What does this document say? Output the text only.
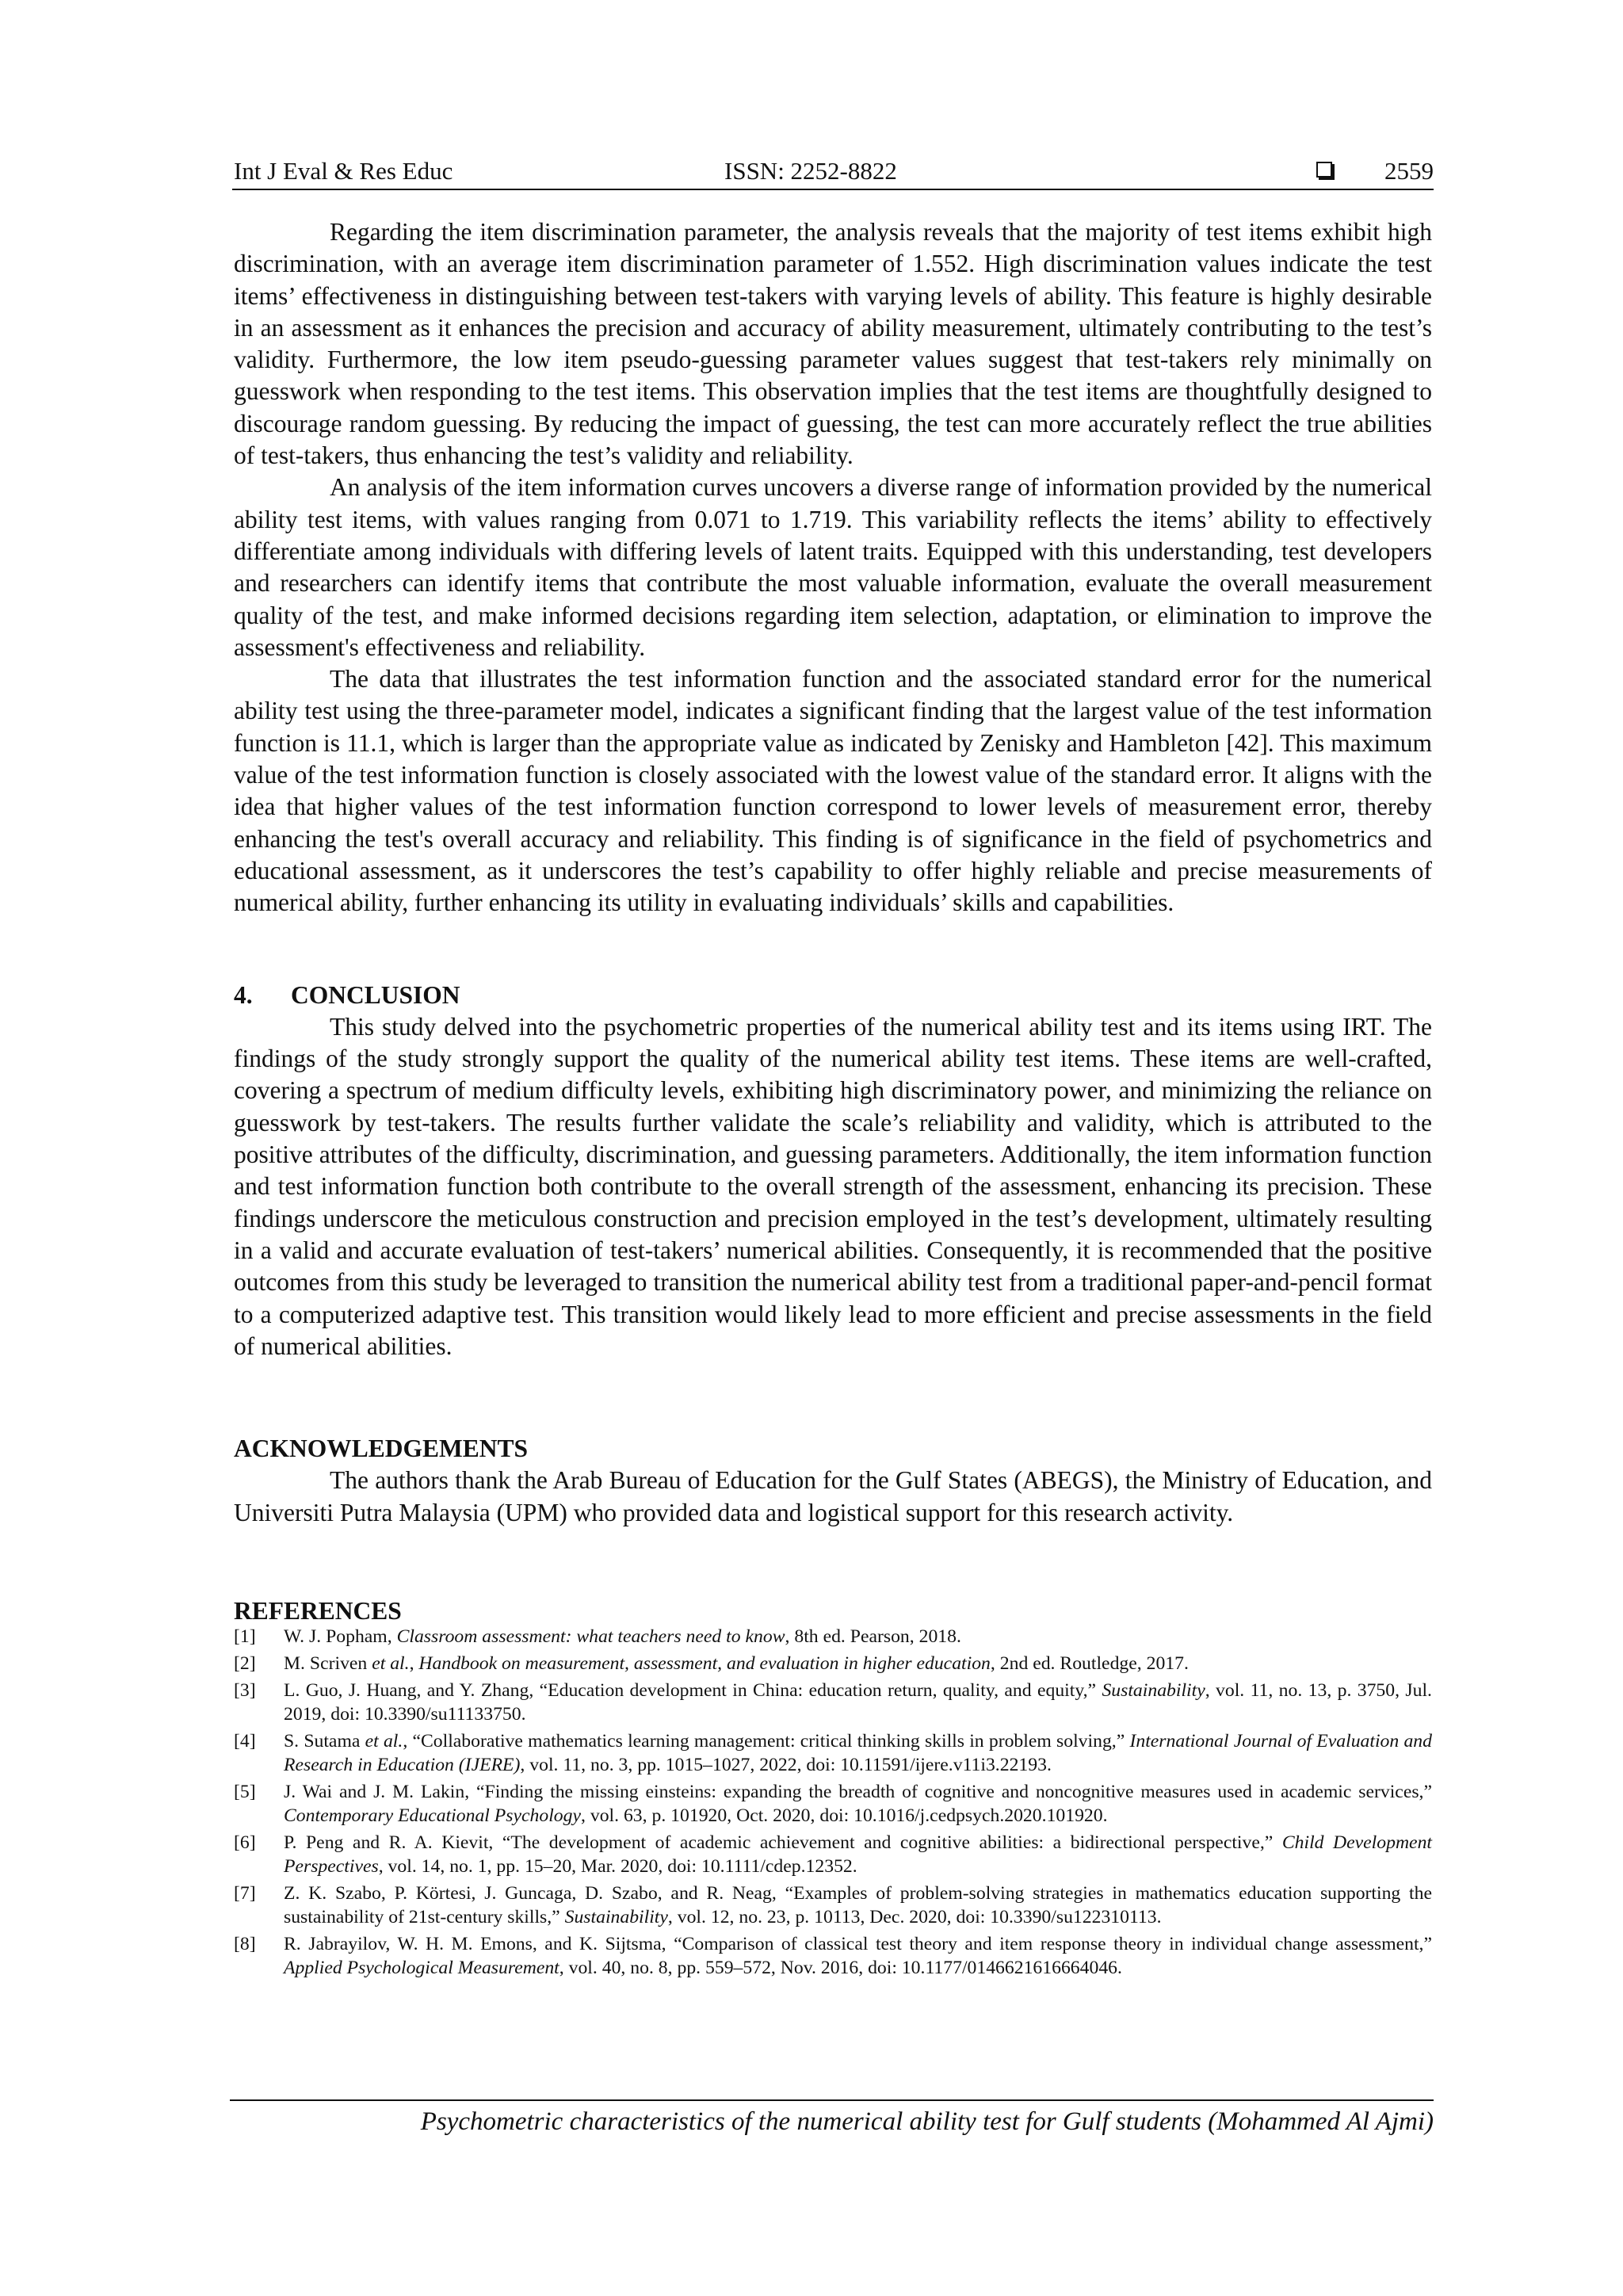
Int J Eval & Res Educ	ISSN: 2252-8822	2559

Regarding the item discrimination parameter, the analysis reveals that the majority of test items exhibit high discrimination, with an average item discrimination parameter of 1.552. High discrimination values indicate the test items’ effectiveness in distinguishing between test-takers with varying levels of ability. This feature is highly desirable in an assessment as it enhances the precision and accuracy of ability measurement, ultimately contributing to the test’s validity. Furthermore, the low item pseudo-guessing parameter values suggest that test-takers rely minimally on guesswork when responding to the test items. This observation implies that the test items are thoughtfully designed to discourage random guessing. By reducing the impact of guessing, the test can more accurately reflect the true abilities of test-takers, thus enhancing the test’s validity and reliability.

An analysis of the item information curves uncovers a diverse range of information provided by the numerical ability test items, with values ranging from 0.071 to 1.719. This variability reflects the items’ ability to effectively differentiate among individuals with differing levels of latent traits. Equipped with this understanding, test developers and researchers can identify items that contribute the most valuable information, evaluate the overall measurement quality of the test, and make informed decisions regarding item selection, adaptation, or elimination to improve the assessment's effectiveness and reliability.

The data that illustrates the test information function and the associated standard error for the numerical ability test using the three-parameter model, indicates a significant finding that the largest value of the test information function is 11.1, which is larger than the appropriate value as indicated by Zenisky and Hambleton [42]. This maximum value of the test information function is closely associated with the lowest value of the standard error. It aligns with the idea that higher values of the test information function correspond to lower levels of measurement error, thereby enhancing the test's overall accuracy and reliability. This finding is of significance in the field of psychometrics and educational assessment, as it underscores the test’s capability to offer highly reliable and precise measurements of numerical ability, further enhancing its utility in evaluating individuals’ skills and capabilities.

4. CONCLUSION

This study delved into the psychometric properties of the numerical ability test and its items using IRT. The findings of the study strongly support the quality of the numerical ability test items. These items are well-crafted, covering a spectrum of medium difficulty levels, exhibiting high discriminatory power, and minimizing the reliance on guesswork by test-takers. The results further validate the scale’s reliability and validity, which is attributed to the positive attributes of the difficulty, discrimination, and guessing parameters. Additionally, the item information function and test information function both contribute to the overall strength of the assessment, enhancing its precision. These findings underscore the meticulous construction and precision employed in the test’s development, ultimately resulting in a valid and accurate evaluation of test-takers’ numerical abilities. Consequently, it is recommended that the positive outcomes from this study be leveraged to transition the numerical ability test from a traditional paper-and-pencil format to a computerized adaptive test. This transition would likely lead to more efficient and precise assessments in the field of numerical abilities.

ACKNOWLEDGEMENTS

The authors thank the Arab Bureau of Education for the Gulf States (ABEGS), the Ministry of Education, and Universiti Putra Malaysia (UPM) who provided data and logistical support for this research activity.

REFERENCES
[1]	W. J. Popham, Classroom assessment: what teachers need to know, 8th ed. Pearson, 2018.
[2]	M. Scriven et al., Handbook on measurement, assessment, and evaluation in higher education, 2nd ed. Routledge, 2017.
[3]	L. Guo, J. Huang, and Y. Zhang, “Education development in China: education return, quality, and equity,” Sustainability, vol. 11, no. 13, p. 3750, Jul. 2019, doi: 10.3390/su11133750.
[4]	S. Sutama et al., “Collaborative mathematics learning management: critical thinking skills in problem solving,” International Journal of Evaluation and Research in Education (IJERE), vol. 11, no. 3, pp. 1015–1027, 2022, doi: 10.11591/ijere.v11i3.22193.
[5]	J. Wai and J. M. Lakin, “Finding the missing einsteins: expanding the breadth of cognitive and noncognitive measures used in academic services,” Contemporary Educational Psychology, vol. 63, p. 101920, Oct. 2020, doi: 10.1016/j.cedpsych.2020.101920.
[6]	P. Peng and R. A. Kievit, “The development of academic achievement and cognitive abilities: a bidirectional perspective,” Child Development Perspectives, vol. 14, no. 1, pp. 15–20, Mar. 2020, doi: 10.1111/cdep.12352.
[7]	Z. K. Szabo, P. Körtesi, J. Guncaga, D. Szabo, and R. Neag, “Examples of problem-solving strategies in mathematics education supporting the sustainability of 21st-century skills,” Sustainability, vol. 12, no. 23, p. 10113, Dec. 2020, doi: 10.3390/su122310113.
[8]	R. Jabrayilov, W. H. M. Emons, and K. Sijtsma, “Comparison of classical test theory and item response theory in individual change assessment,” Applied Psychological Measurement, vol. 40, no. 8, pp. 559–572, Nov. 2016, doi: 10.1177/0146621616664046.
Psychometric characteristics of the numerical ability test for Gulf students (Mohammed Al Ajmi)
